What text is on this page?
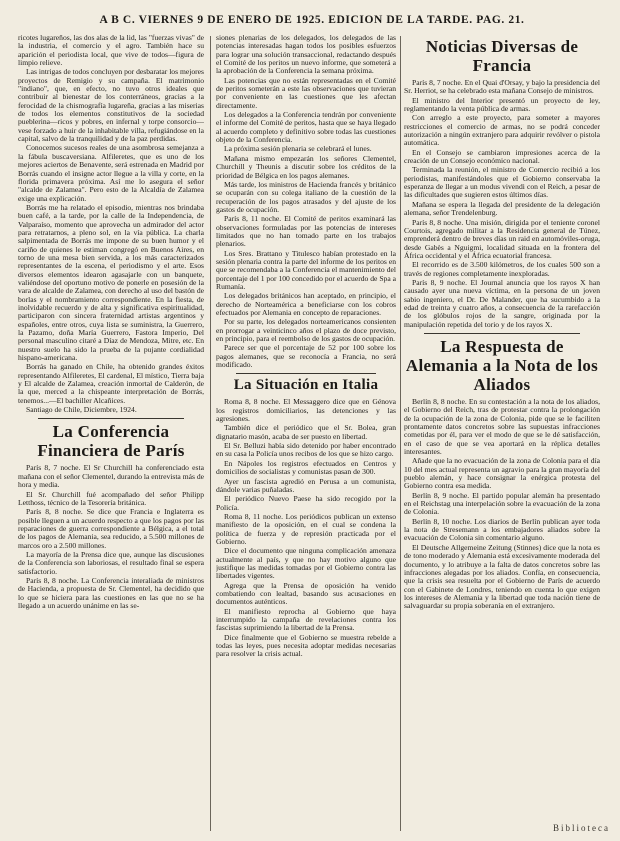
A B C. VIERNES 9 DE ENERO DE 1925. EDICION DE LA TARDE. PAG. 21.

ricotes lugareños, las dos alas de la lid, las "fuerzas vivas" de la industria, el comercio y el agro. También hace su aparición el periodista local, que vive de todos—figura de limpio relieve.

Las intrigas de todos concluyen por desbaratar los mejores proyectos de Remigio y su campaña. El matrimonio "indiano", que, en efecto, no tuvo otros ideales que contribuir al bienestar de los conterráneos, gracias a la ferocidad de la chismografía lugareña, gracias a las miserias de todos los elementos constitutivos de la sociedad pueblerina—ricos y pobres, en infernal y torpe consorcio—vese forzado a huir de la inhabitable villa, refugiándose en la capital, salvo de la tranquilidad y de la paz perdidas.

Conocemos sucesos reales de una asombrosa semejanza a la fábula buscaversiana. Alfileretes, que es uno de los mejores aciertos de Benavente, será estrenada en Madrid por Borrás cuando el insigne actor llegue a la villa y corte, en la florida primavera próxima. Así me lo asegura el señor "alcalde de Zalamea". Pero esto de la Alcaldía de Zalamea exige una explicación.

Borrás me ha relatado el episodio, mientras nos brindaba buen café, a la tarde, por la calle de la Independencia, de Valparaíso, momento que aprovecha un admirador del actor para retratarnos, a pleno sol, en la vía pública. La charla salpimentada de Borrás me impone de su buen humor y el cariño de quienes le estiman congregó en Buenos Aires, en torno de una mesa bien servida, a los más caracterizados representantes de la escena, el periodismo y el arte. Esos diversos elementos idearon agasajarle con un banquete, valiéndose del oportuno motivo de ponerle en posesión de la vara de alcalde de Zalamea, con derecho al uso del bastón de borlas y el nombramiento correspondiente. En la fiesta, de inolvidable recuerdo y de alta y significativa espiritualidad, participaron con sincera fraternidad artistas argentinos y españoles, entre otros, cuya lista se suministra, la Guerrero, la Pazamo, doña María Guerrero, Fastora Imperio, Del personal masculino citaré a Díaz de Mendoza, Mitre, etc. En nuestro suelo ha sido la prueba de la pujante cordialidad hispano-americana.

Borrás ha ganado en Chile, ha obtenido grandes éxitos representando Alfileretes, El cardenal, El místico, Tierra baja y El alcalde de Zalamea, creación inmortal de Calderón, de la que, merced a la chispeante interpretación de Borrás, tenemos...—El bachiller Alcañices.

Santiago de Chile, Diciembre, 1924.

La Conferencia Financiera de París

París 8, 7 noche. El Sr Churchill ha conferenciado esta mañana con el señor Clementel, durando la entrevista más de hora y media.

El Sr. Churchill fué acompañado del señor Philipp Letthoss, técnico de la Tesorería británica.

París 8, 8 noche. Se dice que Francia e Inglaterra es posible lleguen a un acuerdo respecto a que los pagos por las reparaciones de guerra correspondiente a Bélgica, a el total de los pagos de Alemania, sea reducido, a 5.500 millones de marcos oro a 2.500 millones.

La mayoría de la Prensa dice que, aunque las discusiones de la Conferencia son laboriosas, el resultado final se espera satisfactorio.

París 8, 8 noche. La Conferencia interaliada de ministros de Hacienda, a propuesta de Sr. Clementel, ha decidido que lo que se hiciera para las cuestiones en las que no se ha llegado a un acuerdo unánime en las se-

siones plenarias de los delegados, los delegados de las potencias interesadas hagan todos los posibles esfuerzos para lograr una solución transaccional, redactando después el Comité de los peritos un nuevo informe, que someterá a la aprobación de la Conferencia la semana próxima.

Las potencias que no están representadas en el Comité de peritos someterán a este las observaciones que tuvieran por conveniente en las cuestiones que les afectan directamente.

Los delegados a la Conferencia tendrán por conveniente el informe del Comité de peritos, hasta que se haya llegado al acuerdo completo y definitivo sobre todas las cuestiones objeto de la Conferencia.

La próxima sesión plenaria se celebrará el lunes.

Mañana mismo empezarán los señores Clementel, Churchill y Theunis a discutir sobre los créditos de la prioridad de Bélgica en los pagos alemanes.

Más tarde, los ministros de Hacienda francés y británico se ocuparán con su colega italiano de la cuestión de la recuperación de los pagos atrasados y del ajuste de los gastos de ocupación.

París 8, 11 noche. El Comité de peritos examinará las observaciones formuladas por las potencias de intereses limitados que no han tomado parte en los trabajos plenarios.

Los Sres. Brattano y Titulesco habían protestado en la sesión plenaria contra la parte del informe de los peritos en que se recomendaba a la Conferencia el mantenimiento del porcentaje del 1 por 100 concedido por el acuerdo de Spa a Rumanía.

Los delegados británicos han aceptado, en principio, el derecho de Norteamérica a beneficiarse con los cobros efectuados por Alemania en concepto de reparaciones.

Por su parte, los delegados norteamericanos consienten en prorrogar a veinticinco años el plazo de doce previsto, en principio, para el reembolso de los gastos de ocupación.

Parece ser que el porcentaje de 52 por 100 sobre los pagos alemanes, que se reconocía a Francia, no será modificado.

La Situación en Italia

Roma 8, 8 noche. El Messaggero dice que en Génova los registros domiciliarios, las detenciones y las agresiones.

También dice el periódico que el Sr. Bolea, gran dignatario masón, acaba de ser puesto en libertad.

El Sr. Belluzi había sido detenido por haber encontrado en su casa la Policía unos recibos de los que se hizo cargo.

En Nápoles los registros efectuados en Centros y domicilios de socialistas y comunistas pasan de 300.

Ayer un fascista agredió en Perusa a un comunista, dándole varias puñaladas.

El periódico Nuevo Paese ha sido recogido por la Policía.

Roma 8, 11 noche. Los periódicos publican un extenso manifiesto de la oposición, en el cual se condena la política de fuerza y de represión practicada por el Gobierno.

Dice el documento que ninguna complicación amenaza actualmente al país, y que no hay motivo alguno que justifique las medidas tomadas por el Gobierno contra las libertades vigentes.

Agrega que la Prensa de oposición ha venido combatiendo con lealtad, basando sus acusaciones en documentos auténticos.

El manifiesto reprocha al Gobierno que haya interrumpido la campaña de revelaciones contra los fascistas suprimiendo la libertad de la Prensa.

Dice finalmente que el Gobierno se muestra rebelde a todas las leyes, pues necesita adoptar medidas necesarias para resolver la crisis actual.

Noticias Diversas de Francia

París 8, 7 noche. En el Quai d'Orsay, y bajo la presidencia del Sr. Herriot, se ha celebrado esta mañana Consejo de ministros.

El ministro del Interior presentó un proyecto de ley, reglamentando la venta pública de armas.

Con arreglo a este proyecto, para someter a mayores restricciones el comercio de armas, no se podrá conceder autorización a ningún extranjero para adquirir revólver o pistola automática.

En el Consejo se cambiaron impresiones acerca de la creación de un Consejo económico nacional.

Terminada la reunión, el ministro de Comercio recibió a los periodistas, manifestándoles que el Gobierno conservaba la esperanza de llegar a un modus vivendi con el Reich, a pesar de las dificultades que sugieren estos últimos días.

Mañana se espera la llegada del presidente de la delegación alemana, señor Trendelenburg.

París 8, 8 noche. Una misión, dirigida por el teniente coronel Courtois, agregado militar a la Residencia general de Túnez, emprenderá dentro de breves días un raid en automóviles-oruga, desde Gabès a Nguigmi, localidad situada en la frontera del África occidental y el África ecuatorial francesa.

El recorrido es de 3.500 kilómetros, de los cuales 500 son a través de regiones completamente inexploradas.

París 8, 9 noche. El Journal anuncia que los rayos X han causado ayer una nueva víctima, en la persona de un joven sabio ingeniero, el Dr. De Malander, que ha sucumbido a la edad de treinta y cuatro años, a consecuencia de la rarefacción de los glóbulos rojos de la sangre, originada por la manipulación repetida del torio y de los rayos X.

La Respuesta de Alemania a la Nota de los Aliados

Berlín 8, 8 noche. En su contestación a la nota de los aliados, el Gobierno del Reich, tras de protestar contra la prolongación de la ocupación de la zona de Colonia, pide que se le faciliten prontamente datos concretos sobre las supuestas infracciones cometidas por él, para ver el modo de que se le dé satisfacción, en el caso de que se vea aportará en la réplica detalles interesantes.

Añade que la no evacuación de la zona de Colonia para el día 10 del mes actual representa un agravio para la gran mayoría del pueblo alemán, y hace consignar la enérgica protesta del Gobierno contra esa medida.

Berlín 8, 9 noche. El partido popular alemán ha presentado en el Reichstag una interpelación sobre la evacuación de la zona de Colonia.

Berlín 8, 10 noche. Los diarios de Berlín publican ayer toda la nota de Stresemann a los embajadores aliados sobre la evacuación de Colonia sin comentario alguno.

El Deutsche Allgemeine Zeitung (Stinnes) dice que la nota es de tono moderado y Alemania está excesivamente moderada del documento, y lo atribuye a la falta de datos concretos sobre las infracciones alegadas por los aliados. Confía, en consecuencia, que la crisis sea resuelta por el Gobierno de París de acuerdo con el Gabinete de Londres, teniendo en cuenta lo que exigen los intereses de Alemania y la libertad que toda nación tiene de salvaguardar su propia soberanía en el extranjero.

Biblioteca
